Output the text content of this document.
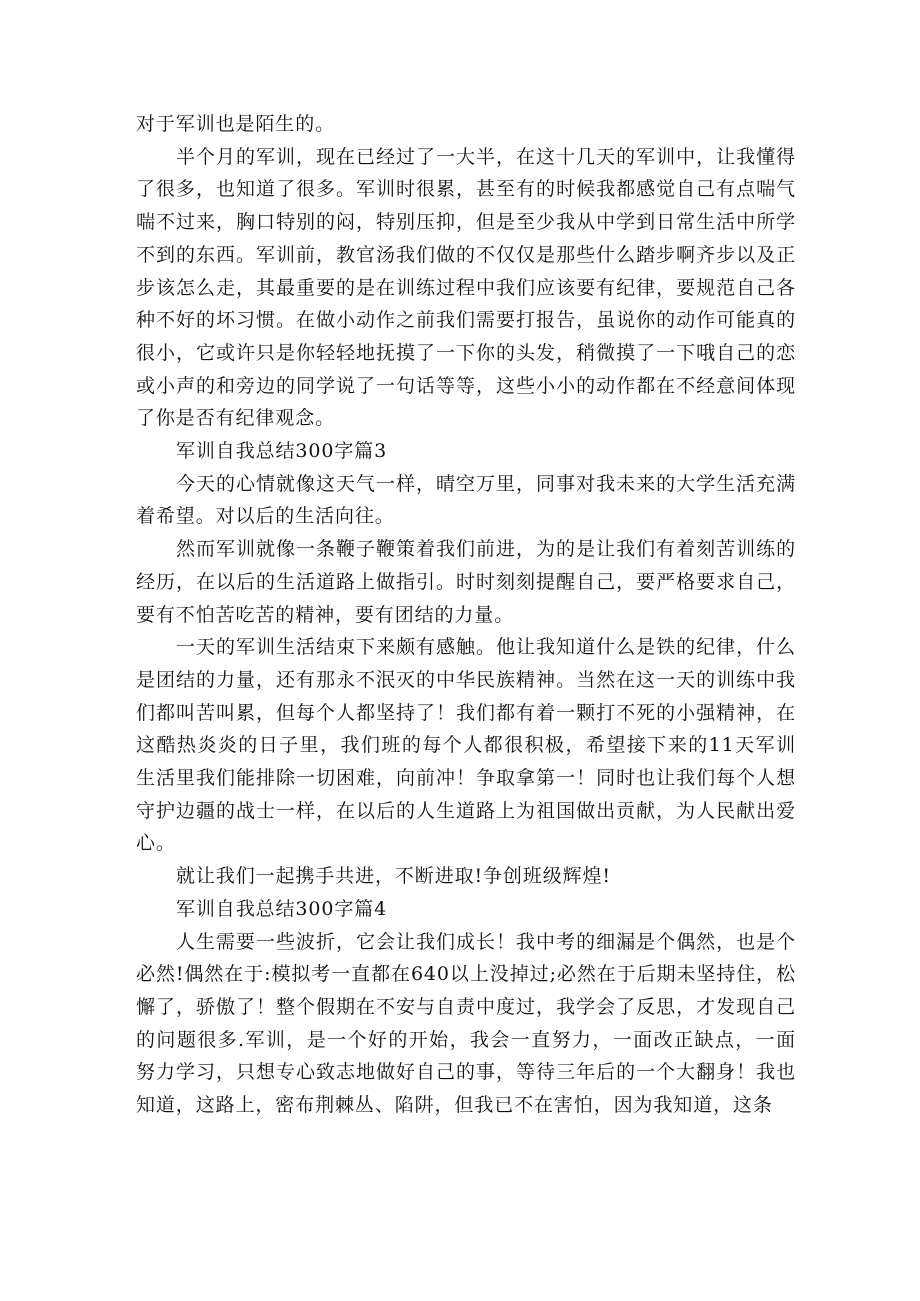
对于军训也是陌生的。

半个月的军训，现在已经过了一大半，在这十几天的军训中，让我懂得了很多，也知道了很多。军训时很累，甚至有的时候我都感觉自己有点喘气喘不过来，胸口特别的闷，特别压抑，但是至少我从中学到日常生活中所学不到的东西。军训前，教官汤我们做的不仅仅是那些什么踏步啊齐步以及正步该怎么走，其最重要的是在训练过程中我们应该要有纪律，要规范自己各种不好的坏习惯。在做小动作之前我们需要打报告，虽说你的动作可能真的很小，它或许只是你轻轻地抚摸了一下你的头发，稍微摸了一下哦自己的恋或小声的和旁边的同学说了一句话等等，这些小小的动作都在不经意间体现了你是否有纪律观念。

军训自我总结300字篇3

今天的心情就像这天气一样，晴空万里，同事对我未来的大学生活充满着希望。对以后的生活向往。

然而军训就像一条鞭子鞭策着我们前进，为的是让我们有着刻苦训练的经历，在以后的生活道路上做指引。时时刻刻提醒自己，要严格要求自己，要有不怕苦吃苦的精神，要有团结的力量。

一天的军训生活结束下来颇有感触。他让我知道什么是铁的纪律，什么是团结的力量，还有那永不泯灭的中华民族精神。当然在这一天的训练中我们都叫苦叫累，但每个人都坚持了！我们都有着一颗打不死的小强精神，在这酷热炎炎的日子里，我们班的每个人都很积极，希望接下来的11天军训生活里我们能排除一切困难，向前冲！争取拿第一！同时也让我们每个人想守护边疆的战士一样，在以后的人生道路上为祖国做出贡献，为人民献出爱心。

就让我们一起携手共进，不断进取!争创班级辉煌!

军训自我总结300字篇4

人生需要一些波折，它会让我们成长！我中考的细漏是个偶然，也是个必然!偶然在于:模拟考一直都在640以上没掉过;必然在于后期未坚持住，松懈了，骄傲了！整个假期在不安与自责中度过，我学会了反思，才发现自己的问题很多.军训，是一个好的开始，我会一直努力，一面改正缺点，一面努力学习，只想专心致志地做好自己的事，等待三年后的一个大翻身！我也知道，这路上，密布荆棘丛、陷阱，但我已不在害怕，因为我知道，这条
